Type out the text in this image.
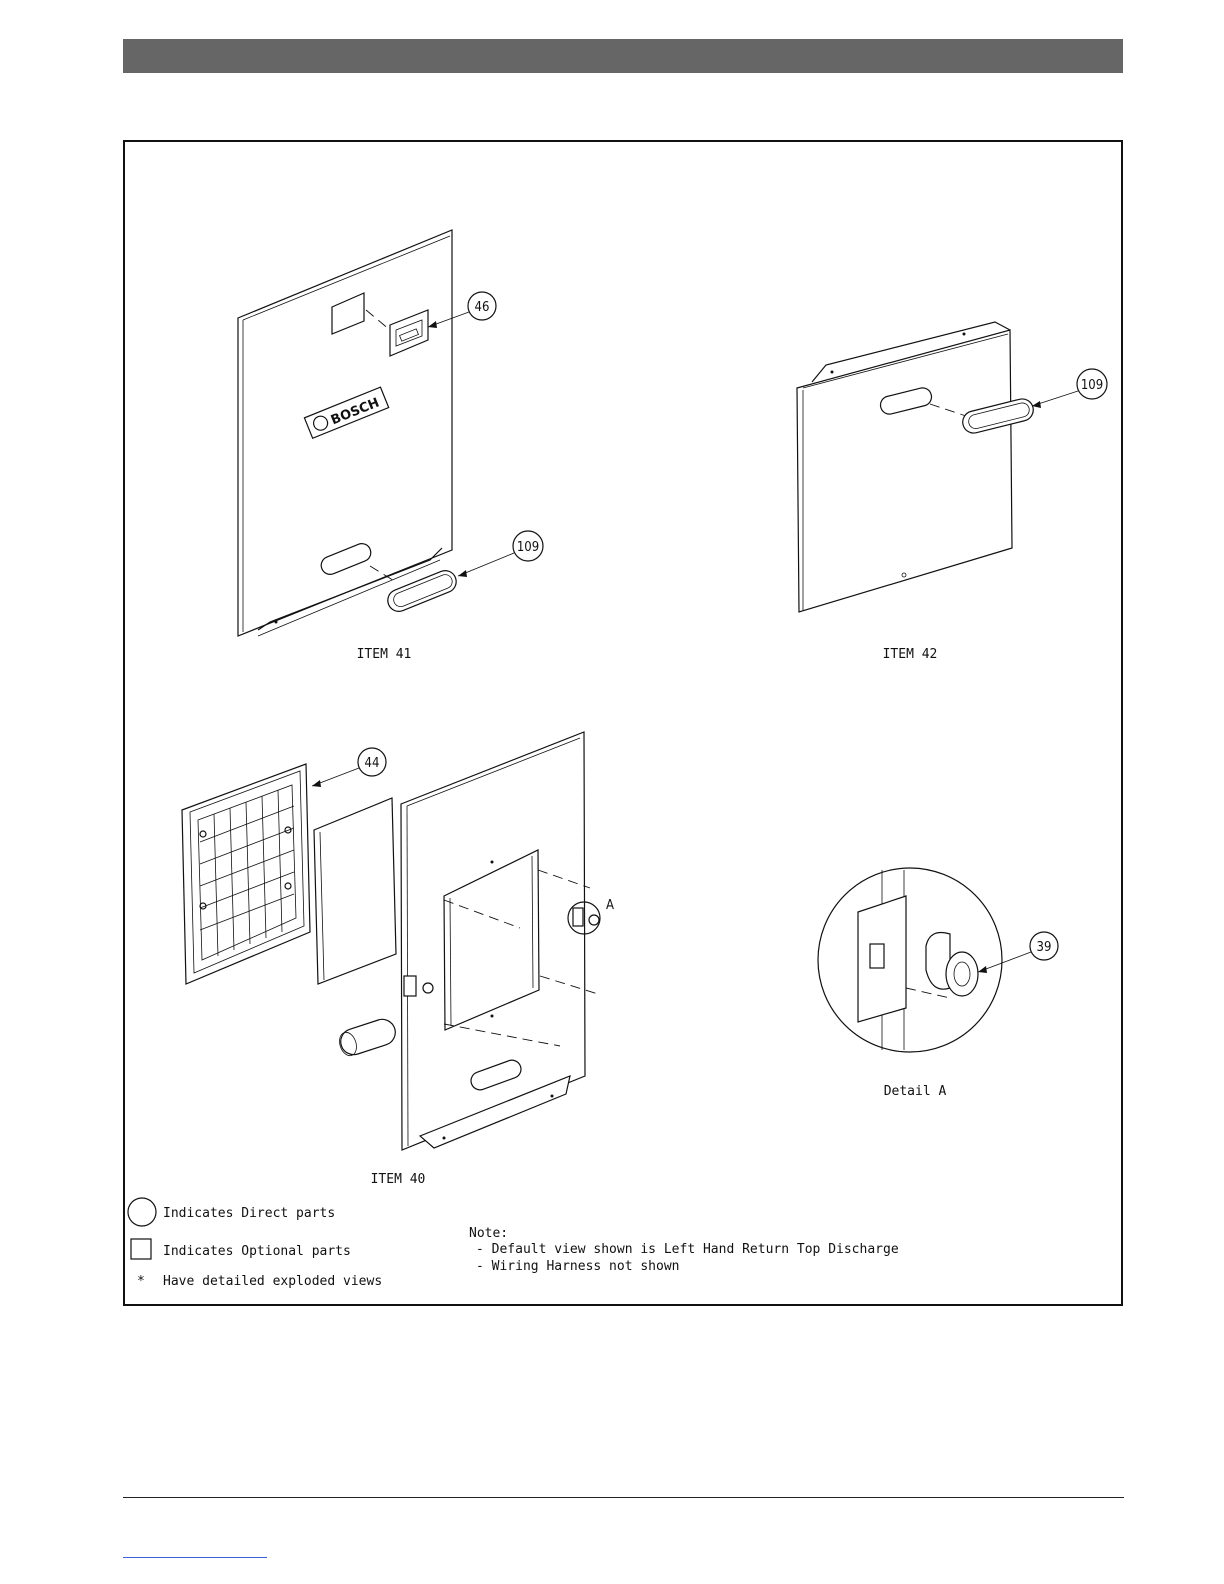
BOSCH
46
109
ITEM 41
109
ITEM 42
44
A
ITEM 40
39
Detail A
Indicates Direct parts
Indicates Optional parts
* Have detailed exploded views
Note:
- Default view shown is Left Hand Return Top Discharge
- Wiring Harness not shown
